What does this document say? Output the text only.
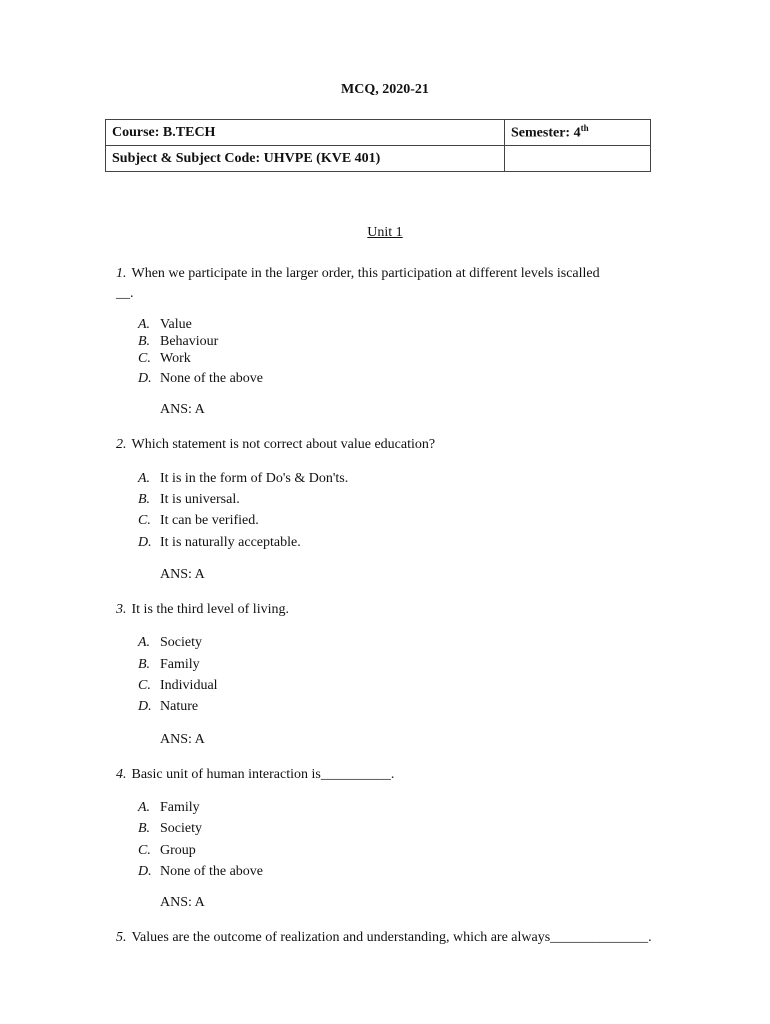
MCQ, 2020-21
Course: B.TECH	Semester: 4th
Subject & Subject Code: UHVPE (KVE 401)	
Unit 1
1. When we participate in the larger order, this participation at different levels iscalled
__.
A. Value
B. Behaviour
C. Work
D. None of the above
ANS: A
2. Which statement is not correct about value education?
A. It is in the form of Do's & Don'ts.
B. It is universal.
C. It can be verified.
D. It is naturally acceptable.
ANS: A
3. It is the third level of living.
A. Society
B. Family
C. Individual
D. Nature
ANS: A
4. Basic unit of human interaction is__________.
A. Family
B. Society
C. Group
D. None of the above
ANS: A
5. Values are the outcome of realization and understanding, which are always______________.
